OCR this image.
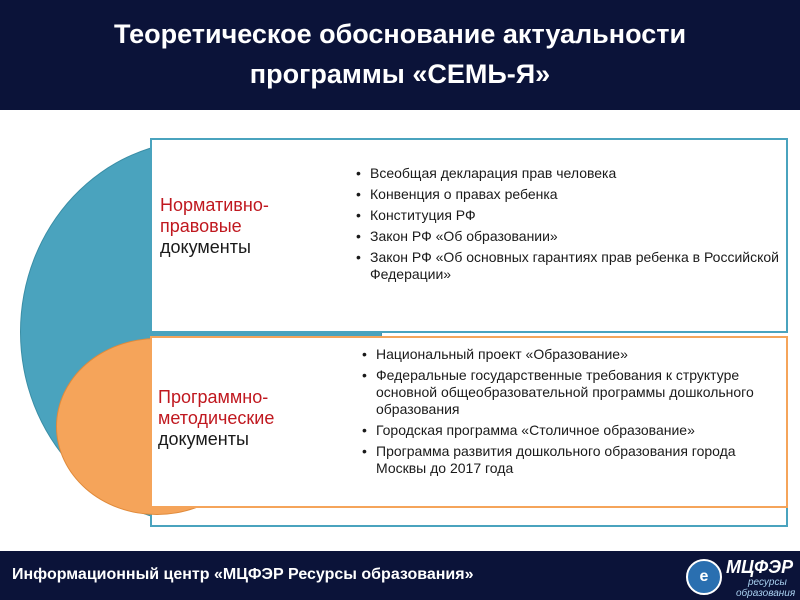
Теоретическое обоснование актуальности
программы «СЕМЬ-Я»
Нормативно-
правовые
документы
• Всеобщая декларация прав человека
• Конвенция о правах ребенка
• Конституция РФ
• Закон РФ «Об образовании»
• Закон РФ «Об основных гарантиях прав ребенка в Российской Федерации»
Программно-
методические
документы
• Национальный проект «Образование»
• Федеральные государственные требования к структуре основной общеобразовательной программы дошкольного образования
• Городская программа «Столичное образование»
• Программа развития дошкольного образования города Москвы до 2017 года
Информационный центр «МЦФЭР Ресурсы образования»	е МЦФЭР
ресурсы
образования
